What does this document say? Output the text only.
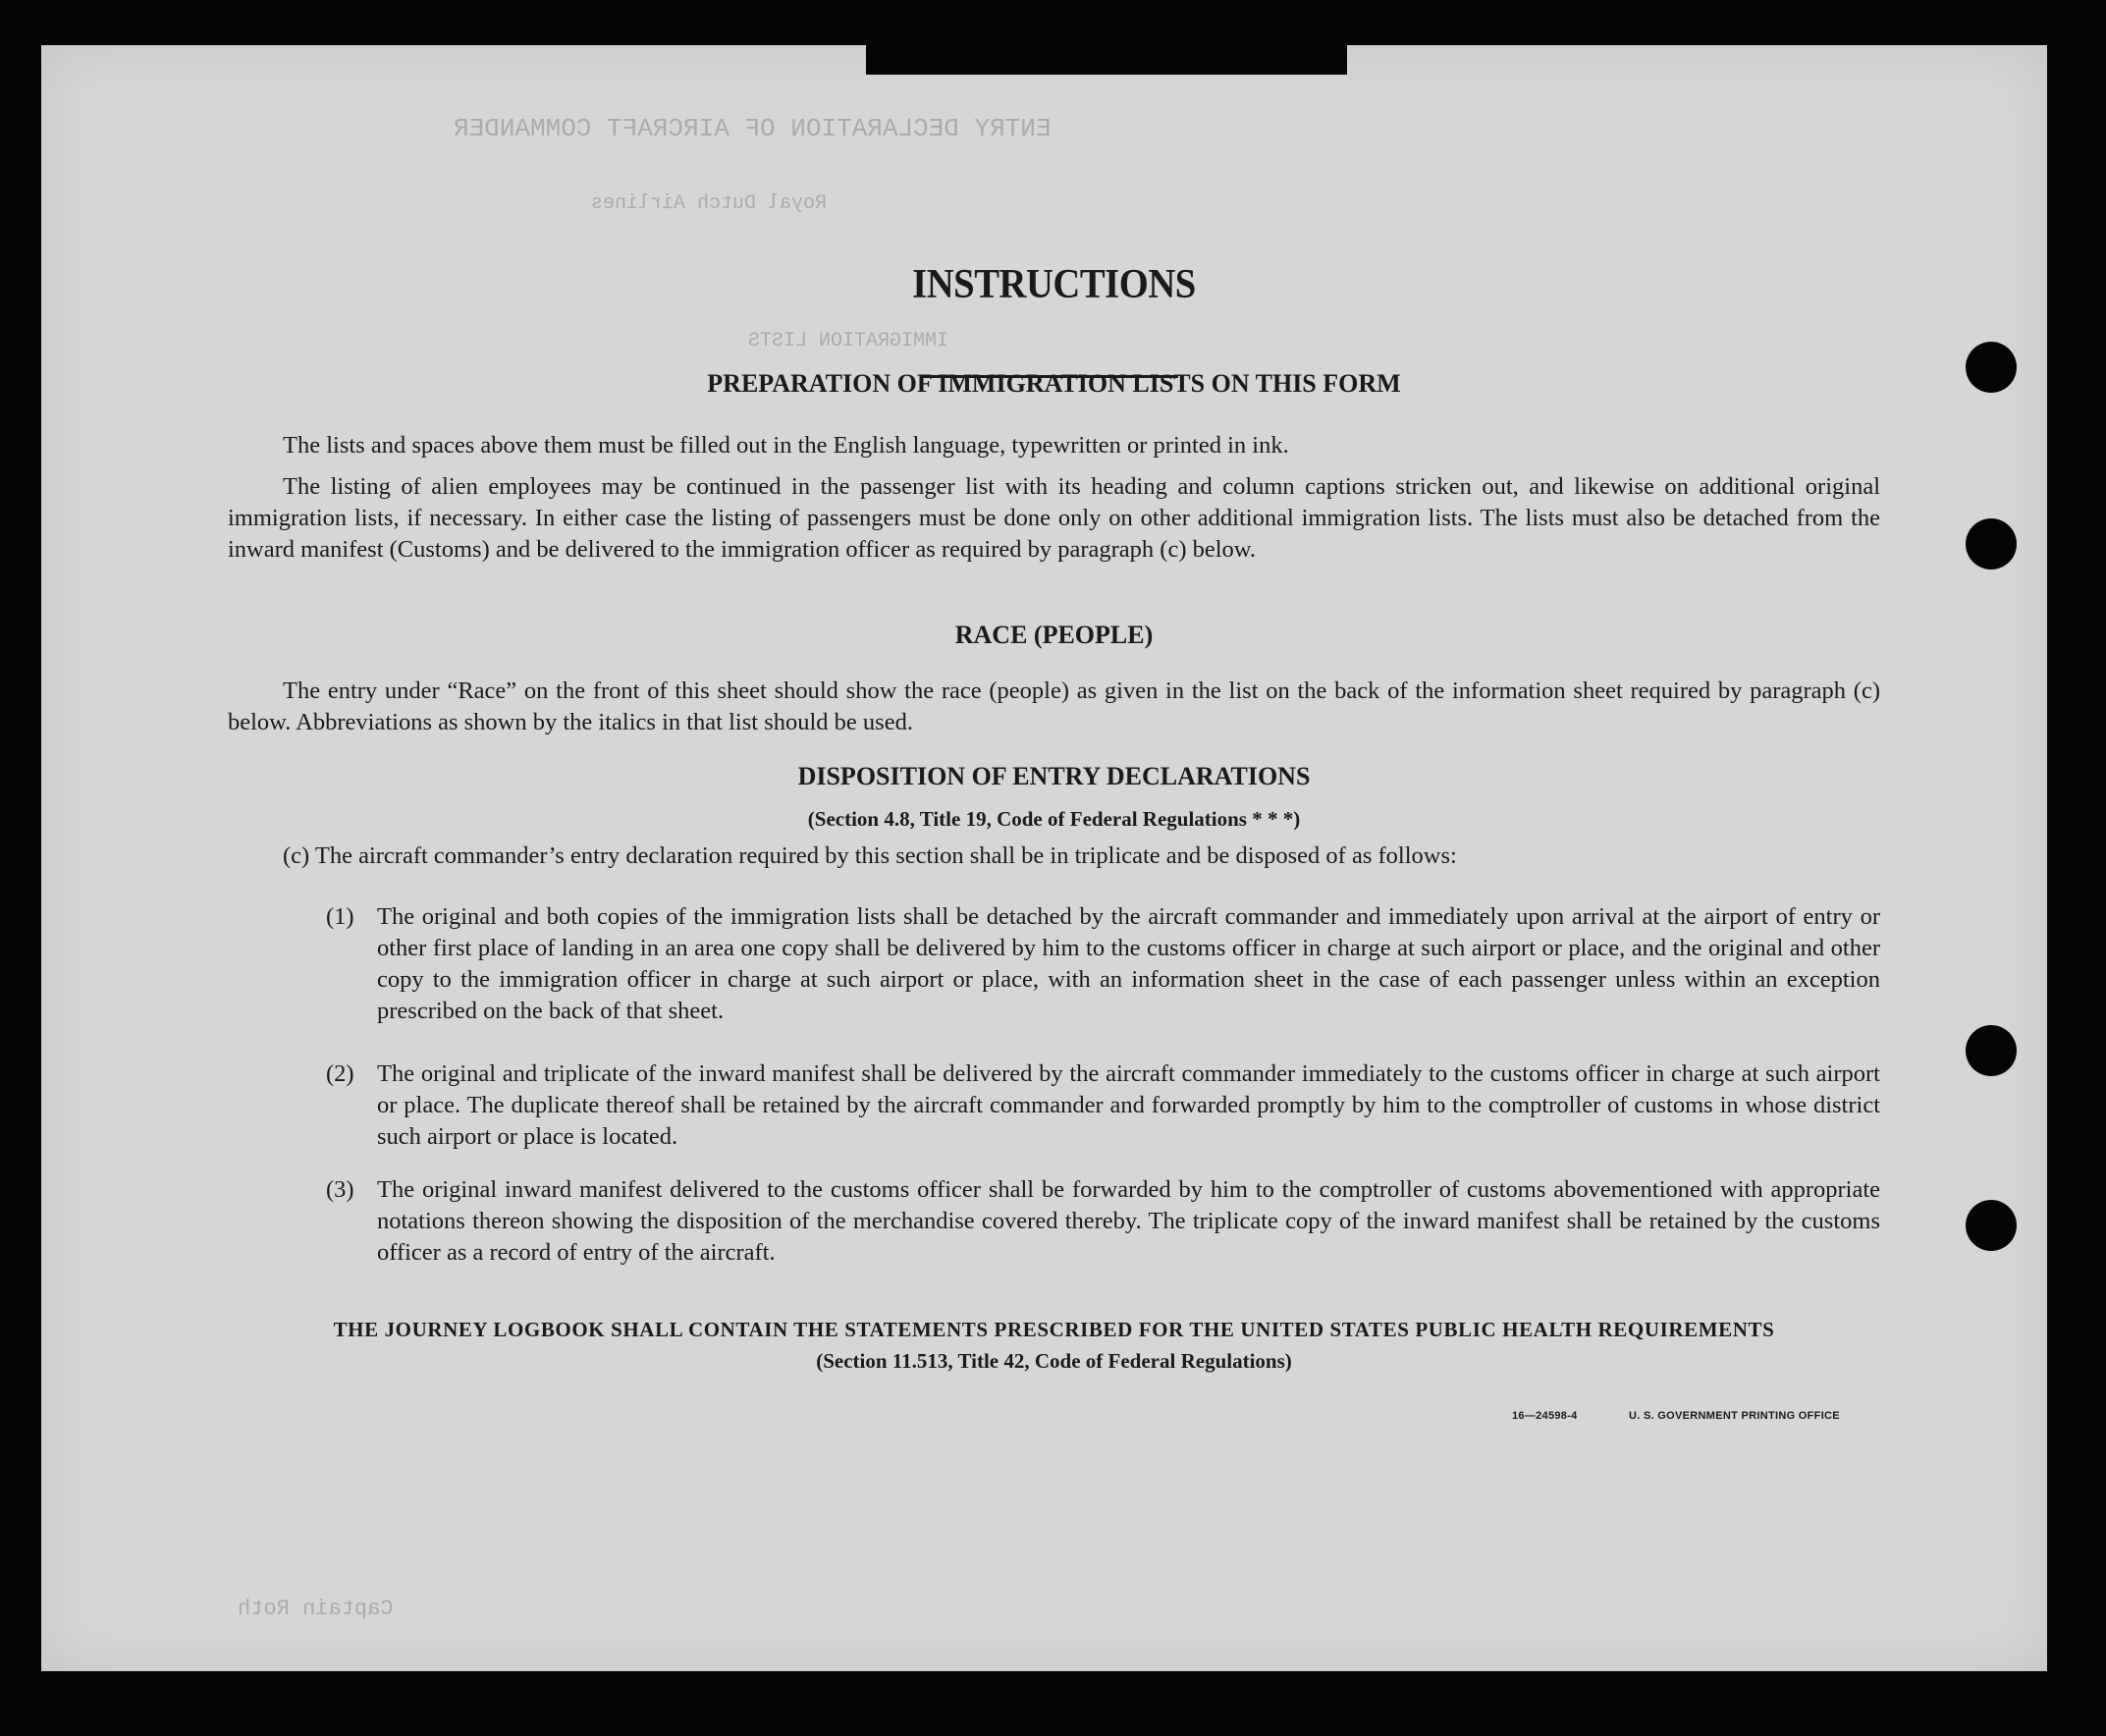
ENTRY DECLARATION OF AIRCRAFT COMMANDER
Royal Dutch Airlines
IMMIGRATION LISTS
Captain Roth
INSTRUCTIONS
PREPARATION OF IMMIGRATION LISTS ON THIS FORM
The lists and spaces above them must be filled out in the English language, typewritten or printed in ink.
The listing of alien employees may be continued in the passenger list with its heading and column captions stricken out, and likewise on additional original immigration lists, if necessary. In either case the listing of passengers must be done only on other additional immigration lists. The lists must also be detached from the inward manifest (Customs) and be delivered to the immigration officer as required by paragraph (c) below.
RACE (PEOPLE)
The entry under “Race” on the front of this sheet should show the race (people) as given in the list on the back of the information sheet required by paragraph (c) below. Abbreviations as shown by the italics in that list should be used.
DISPOSITION OF ENTRY DECLARATIONS
(Section 4.8, Title 19, Code of Federal Regulations * * *)
(c) The aircraft commander’s entry declaration required by this section shall be in triplicate and be disposed of as follows:
(1) The original and both copies of the immigration lists shall be detached by the aircraft commander and immediately upon arrival at the airport of entry or other first place of landing in an area one copy shall be delivered by him to the customs officer in charge at such airport or place, and the original and other copy to the immigration officer in charge at such airport or place, with an information sheet in the case of each passenger unless within an exception prescribed on the back of that sheet.
(2) The original and triplicate of the inward manifest shall be delivered by the aircraft commander immediately to the customs officer in charge at such airport or place. The duplicate thereof shall be retained by the aircraft commander and forwarded promptly by him to the comptroller of customs in whose district such airport or place is located.
(3) The original inward manifest delivered to the customs officer shall be forwarded by him to the comptroller of customs abovementioned with appropriate notations thereon showing the disposition of the merchandise covered thereby. The triplicate copy of the inward manifest shall be retained by the customs officer as a record of entry of the aircraft.
THE JOURNEY LOGBOOK SHALL CONTAIN THE STATEMENTS PRESCRIBED FOR THE UNITED STATES PUBLIC HEALTH REQUIREMENTS
(Section 11.513, Title 42, Code of Federal Regulations)
16—24598-4	U. S. GOVERNMENT PRINTING OFFICE
